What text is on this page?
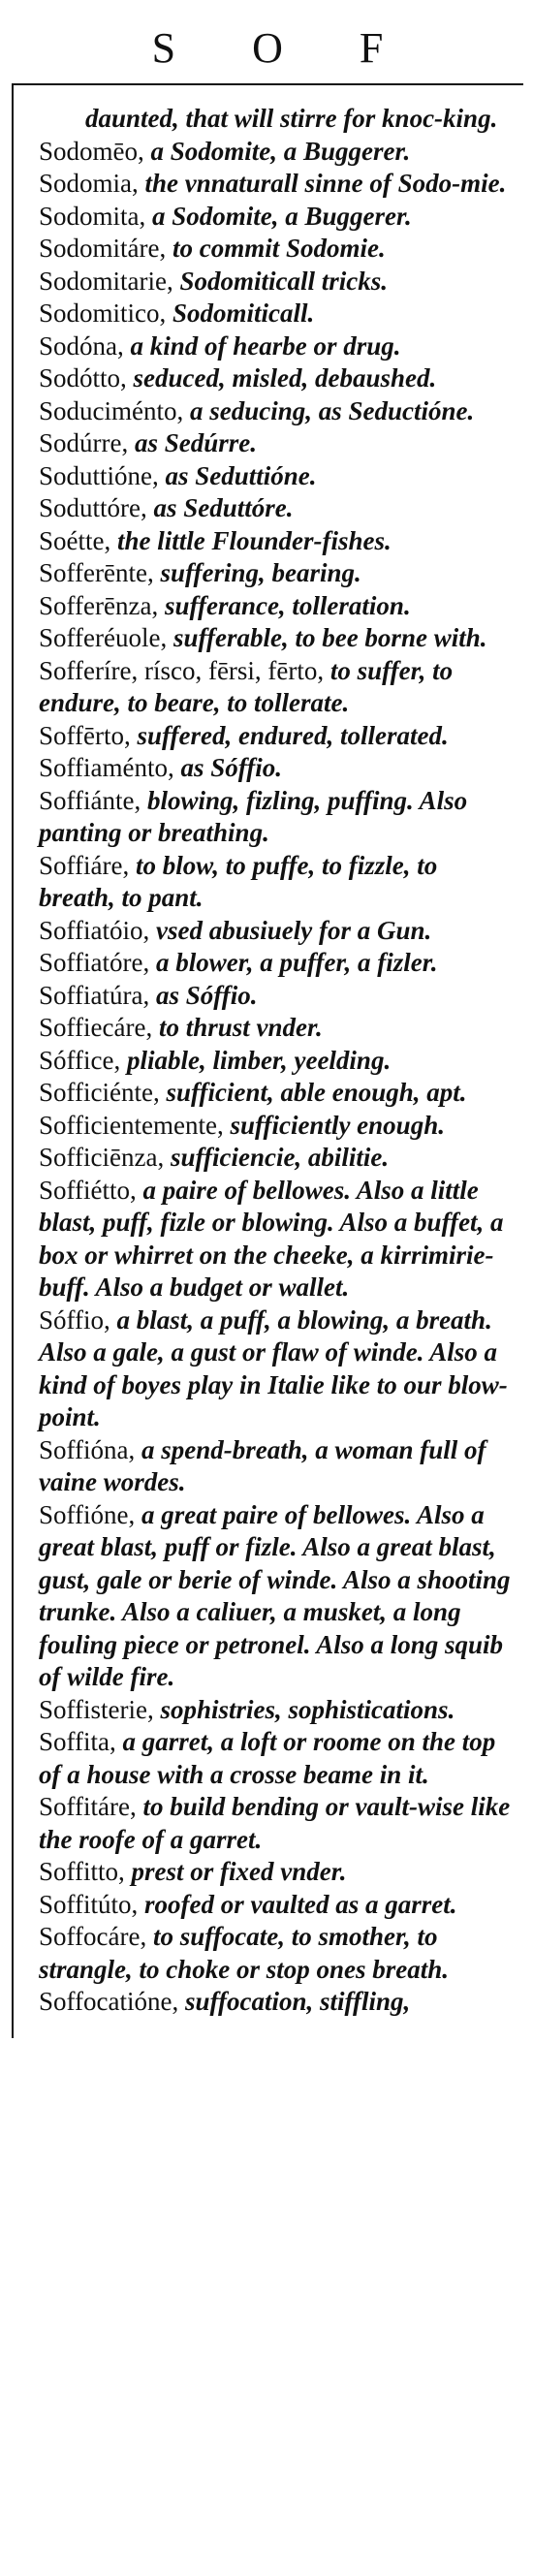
S O F

daunted, that will stirre for knoc-king.

Sodomēo, a Sodomite, a Buggerer.

Sodomia, the vnnaturall sinne of Sodo-mie.

Sodomita, a Sodomite, a Buggerer.

Sodomitáre, to commit Sodomie.

Sodomitarie, Sodomiticall tricks.

Sodomitico, Sodomiticall.

Sodóna, a kind of hearbe or drug.

Sodótto, seduced, misled, debaushed.

Soduciménto, a seducing, as Seductióne.

Sodúrre, as Sedúrre.

Soduttióne, as Seduttióne.

Soduttóre, as Seduttóre.

Soétte, the little Flounder-fishes.

Sofferēnte, suffering, bearing.

Sofferēnza, sufferance, tolleration.

Sofferéuole, sufferable, to bee borne with.

Sofferíre, rísco, fērsi, fērto, to suffer, to endure, to beare, to tollerate.

Soffērto, suffered, endured, tollerated.

Soffiaménto, as Sóffio.

Soffiánte, blowing, fizling, puffing. Also panting or breathing.

Soffiáre, to blow, to puffe, to fizzle, to breath, to pant.

Soffiatóio, vsed abusiuely for a Gun.

Soffiatóre, a blower, a puffer, a fizler.

Soffiatúra, as Sóffio.

Soffiecáre, to thrust vnder.

Sóffice, pliable, limber, yeelding.

Sofficiénte, sufficient, able enough, apt.

Sofficientemente, sufficiently enough.

Sofficiēnza, sufficiencie, abilitie.

Soffiétto, a paire of bellowes. Also a little blast, puff, fizle or blowing. Also a buffet, a box or whirret on the cheeke, a kirrimirie-buff. Also a budget or wallet.

Sóffio, a blast, a puff, a blowing, a breath. Also a gale, a gust or flaw of winde. Also a kind of boyes play in Italie like to our blow-point.

Soffióna, a spend-breath, a woman full of vaine wordes.

Soffióne, a great paire of bellowes. Also a great blast, puff or fizle. Also a great blast, gust, gale or berie of winde. Also a shooting trunke. Also a caliuer, a musket, a long fouling piece or petronel. Also a long squib of wilde fire.

Soffisterie, sophistries, sophistications.

Soffita, a garret, a loft or roome on the top of a house with a crosse beame in it.

Soffitáre, to build bending or vault-wise like the roofe of a garret.

Soffitto, prest or fixed vnder.

Soffitúto, roofed or vaulted as a garret.

Soffocáre, to suffocate, to smother, to strangle, to choke or stop ones breath.

Soffocatióne, suffocation, stiffling,
